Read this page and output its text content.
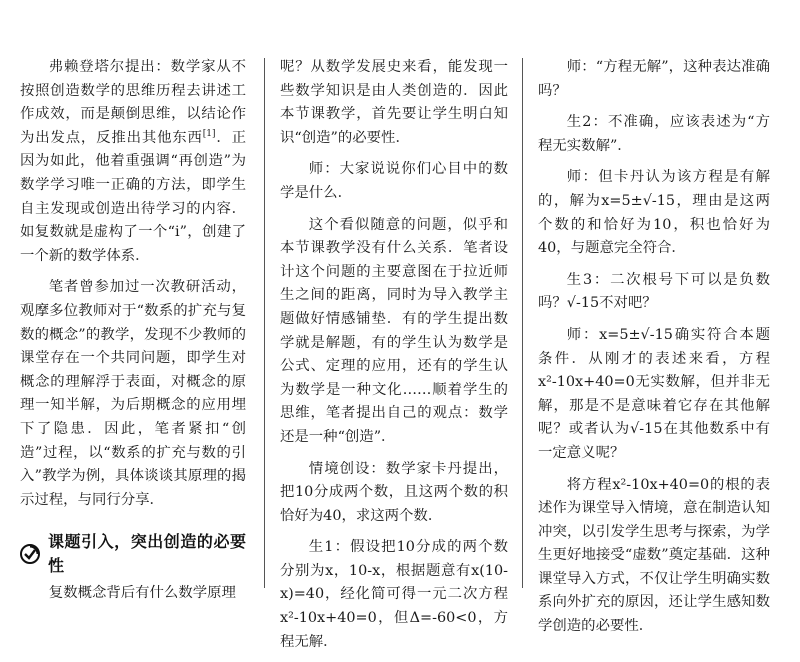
弗赖登塔尔提出：数学家从不按照创造数学的思维历程去讲述工作成效，而是颠倒思维，以结论作为出发点，反推出其他东西[1]．正因为如此，他着重强调“再创造”为数学学习唯一正确的方法，即学生自主发现或创造出待学习的内容．如复数就是虚构了一个“i”，创建了一个新的数学体系．

笔者曾参加过一次教研活动，观摩多位教师对于“数系的扩充与复数的概念”的教学，发现不少教师的课堂存在一个共同问题，即学生对概念的理解浮于表面，对概念的原理一知半解，为后期概念的应用埋下了隐患．因此，笔者紧扣“创造”过程，以“数系的扩充与数的引入”教学为例，具体谈谈其原理的揭示过程，与同行分享．

课题引入，突出创造的必要性

复数概念背后有什么数学原理

呢？从数学发展史来看，能发现一些数学知识是由人类创造的．因此本节课教学，首先要让学生明白知识“创造”的必要性．

师：大家说说你们心目中的数学是什么．

这个看似随意的问题，似乎和本节课教学没有什么关系．笔者设计这个问题的主要意图在于拉近师生之间的距离，同时为导入教学主题做好情感铺垫．有的学生提出数学就是解题，有的学生认为数学是公式、定理的应用，还有的学生认为数学是一种文化……顺着学生的思维，笔者提出自己的观点：数学还是一种“创造”．

情境创设：数学家卡丹提出，把10分成两个数，且这两个数的积恰好为40，求这两个数．

生1：假设把10分成的两个数分别为x，10-x，根据题意有x(10-x)=40，经化简可得一元二次方程x²-10x+40=0，但Δ=-60<0，方程无解．

师：“方程无解”，这种表达准确吗？

生2：不准确，应该表述为“方程无实数解”．

师：但卡丹认为该方程是有解的，解为x=5±√-15，理由是这两个数的和恰好为10，积也恰好为40，与题意完全符合．

生3：二次根号下可以是负数吗？√-15不对吧？

师：x=5±√-15确实符合本题条件．从刚才的表述来看，方程x²-10x+40=0无实数解，但并非无解，那是不是意味着它存在其他解呢？或者认为√-15在其他数系中有一定意义呢？

将方程x²-10x+40=0的根的表述作为课堂导入情境，意在制造认知冲突，以引发学生思考与探索，为学生更好地接受“虚数”奠定基础．这种课堂导入方式，不仅让学生明确实数系向外扩充的原因，还让学生感知数学创造的必要性．
